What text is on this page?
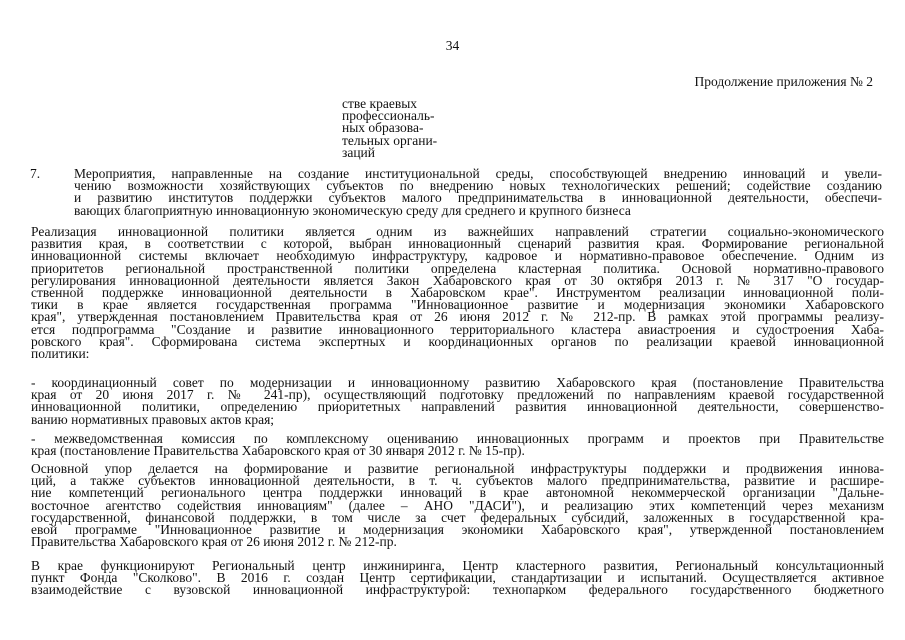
34
Продолжение приложения № 2
стве краевых
профессиональ-
ных образова-
тельных органи-
заций
7.	Мероприятия, направленные на создание институциональной среды, способствующей внедрению инноваций и увели-
чению возможности хозяйствующих субъектов по внедрению новых технологических решений; содействие созданию
и развитию институтов поддержки субъектов малого предпринимательства в инновационной деятельности, обеспечи-
вающих благоприятную инновационную экономическую среду для среднего и крупного бизнеса
Реализация инновационной политики является одним из важнейших направлений стратегии социально-экономического
развития края, в соответствии с которой, выбран инновационный сценарий развития края. Формирование региональной
инновационной системы включает необходимую инфраструктуру, кадровое и нормативно-правовое обеспечение. Одним из
приоритетов региональной пространственной политики определена кластерная политика. Основой нормативно-правового
регулирования инновационной деятельности является Закон Хабаровского края от 30 октября 2013 г. № 317 "О государ-
ственной поддержке инновационной деятельности в Хабаровском крае". Инструментом реализации инновационной поли-
тики в крае является государственная программа "Инновационное развитие и модернизация экономики Хабаровского
края", утвержденная постановлением Правительства края от 26 июня 2012 г. № 212-пр. В рамках этой программы реализу-
ется подпрограмма "Создание и развитие инновационного территориального кластера авиастроения и судостроения Хаба-
ровского края". Сформирована система экспертных и координационных органов по реализации краевой инновационной
политики:
- координационный совет по модернизации и инновационному развитию Хабаровского края (постановление Правительства
края от 20 июня 2017 г. № 241-пр), осуществляющий подготовку предложений по направлениям краевой государственной
инновационной политики, определению приоритетных направлений развития инновационной деятельности, совершенство-
ванию нормативных правовых актов края;
- межведомственная комиссия по комплексному оцениванию инновационных программ и проектов при Правительстве
края (постановление Правительства Хабаровского края от 30 января 2012 г. № 15-пр).
Основной упор делается на формирование и развитие региональной инфраструктуры поддержки и продвижения иннова-
ций, а также субъектов инновационной деятельности, в т. ч. субъектов малого предпринимательства, развитие и расшире-
ние компетенций регионального центра поддержки инноваций в крае автономной некоммерческой организации "Дальне-
восточное агентство содействия инновациям" (далее – АНО "ДАСИ"), и реализацию этих компетенций через механизм
государственной, финансовой поддержки, в том числе за счет федеральных субсидий, заложенных в государственной кра-
евой программе "Инновационное развитие и модернизация экономики Хабаровского края", утвержденной постановлением
Правительства Хабаровского края от 26 июня 2012 г. № 212-пр.
В крае функционируют Региональный центр инжиниринга, Центр кластерного развития, Региональный консультационный
пункт Фонда "Сколково". В 2016 г. создан Центр сертификации, стандартизации и испытаний. Осуществляется активное
взаимодействие с вузовской инновационной инфраструктурой: технопарком федерального государственного бюджетного
